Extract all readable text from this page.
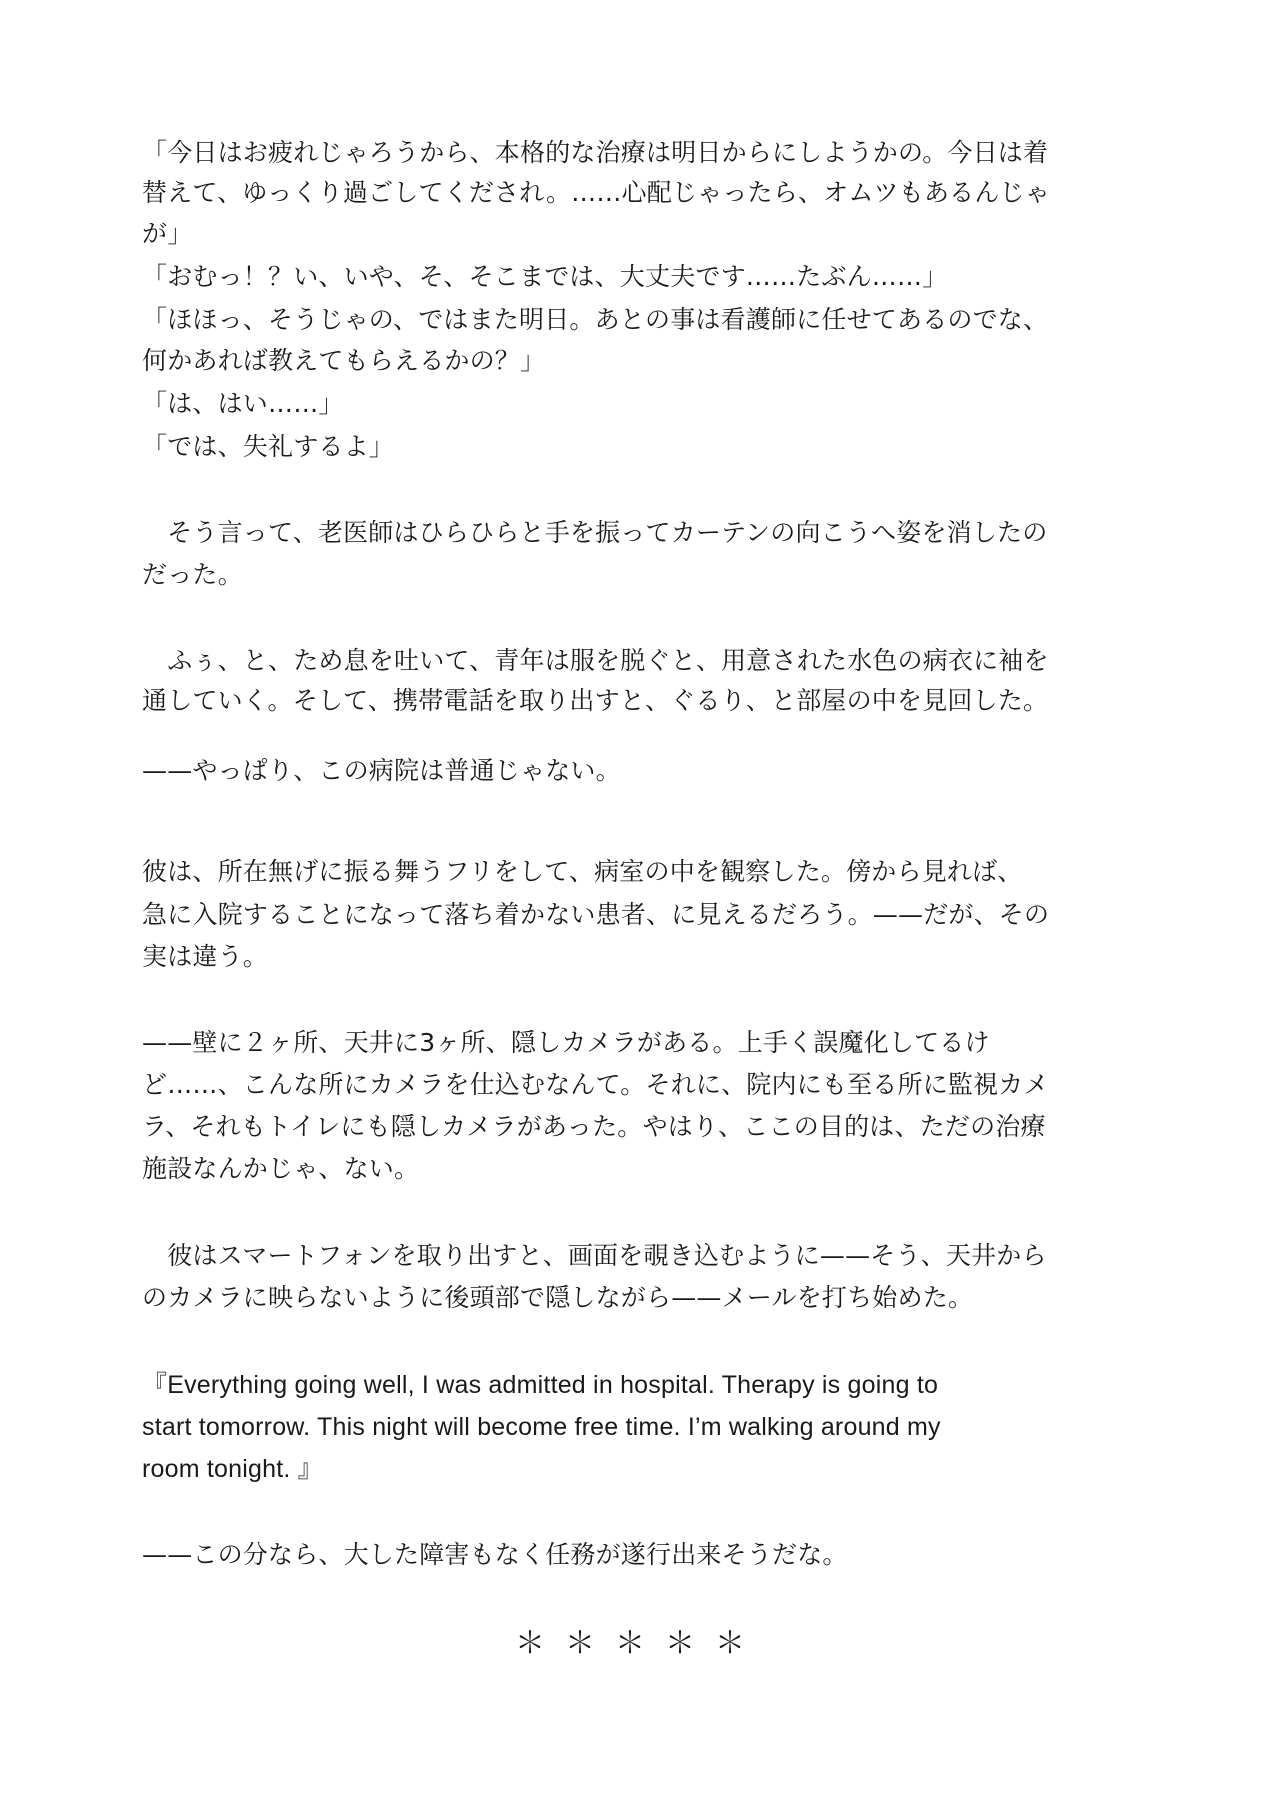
「今日はお疲れじゃろうから、本格的な治療は明日からにしようかの。今日は着
替えて、ゆっくり過ごしてくだされ。……心配じゃったら、オムツもあるんじゃ
が」
「おむっ！？い、いや、そ、そこまでは、大丈夫です……たぶん……」
「ほほっ、そうじゃの、ではまた明日。あとの事は看護師に任せてあるのでな、
何かあれば教えてもらえるかの？」
「は、はい……」
「では、失礼するよ」
　そう言って、老医師はひらひらと手を振ってカーテンの向こうへ姿を消したの
だった。
　ふぅ、と、ため息を吐いて、青年は服を脱ぐと、用意された水色の病衣に袖を
通していく。そして、携帯電話を取り出すと、ぐるり、と部屋の中を見回した。
——やっぱり、この病院は普通じゃない。
彼は、所在無げに振る舞うフリをして、病室の中を観察した。傍から見れば、
急に入院することになって落ち着かない患者、に見えるだろう。——だが、その
実は違う。
——壁に２ヶ所、天井に3ヶ所、隠しカメラがある。上手く誤魔化してるけ
ど……、こんな所にカメラを仕込むなんて。それに、院内にも至る所に監視カメ
ラ、それもトイレにも隠しカメラがあった。やはり、ここの目的は、ただの治療
施設なんかじゃ、ない。
　彼はスマートフォンを取り出すと、画面を覗き込むように——そう、天井から
のカメラに映らないように後頭部で隠しながら——メールを打ち始めた。
『Everything going well, I was admitted in hospital. Therapy is going to
start tomorrow. This night will become free time. I’m walking around my
room tonight. 』
——この分なら、大した障害もなく任務が遂行出来そうだな。
＊＊＊＊＊
